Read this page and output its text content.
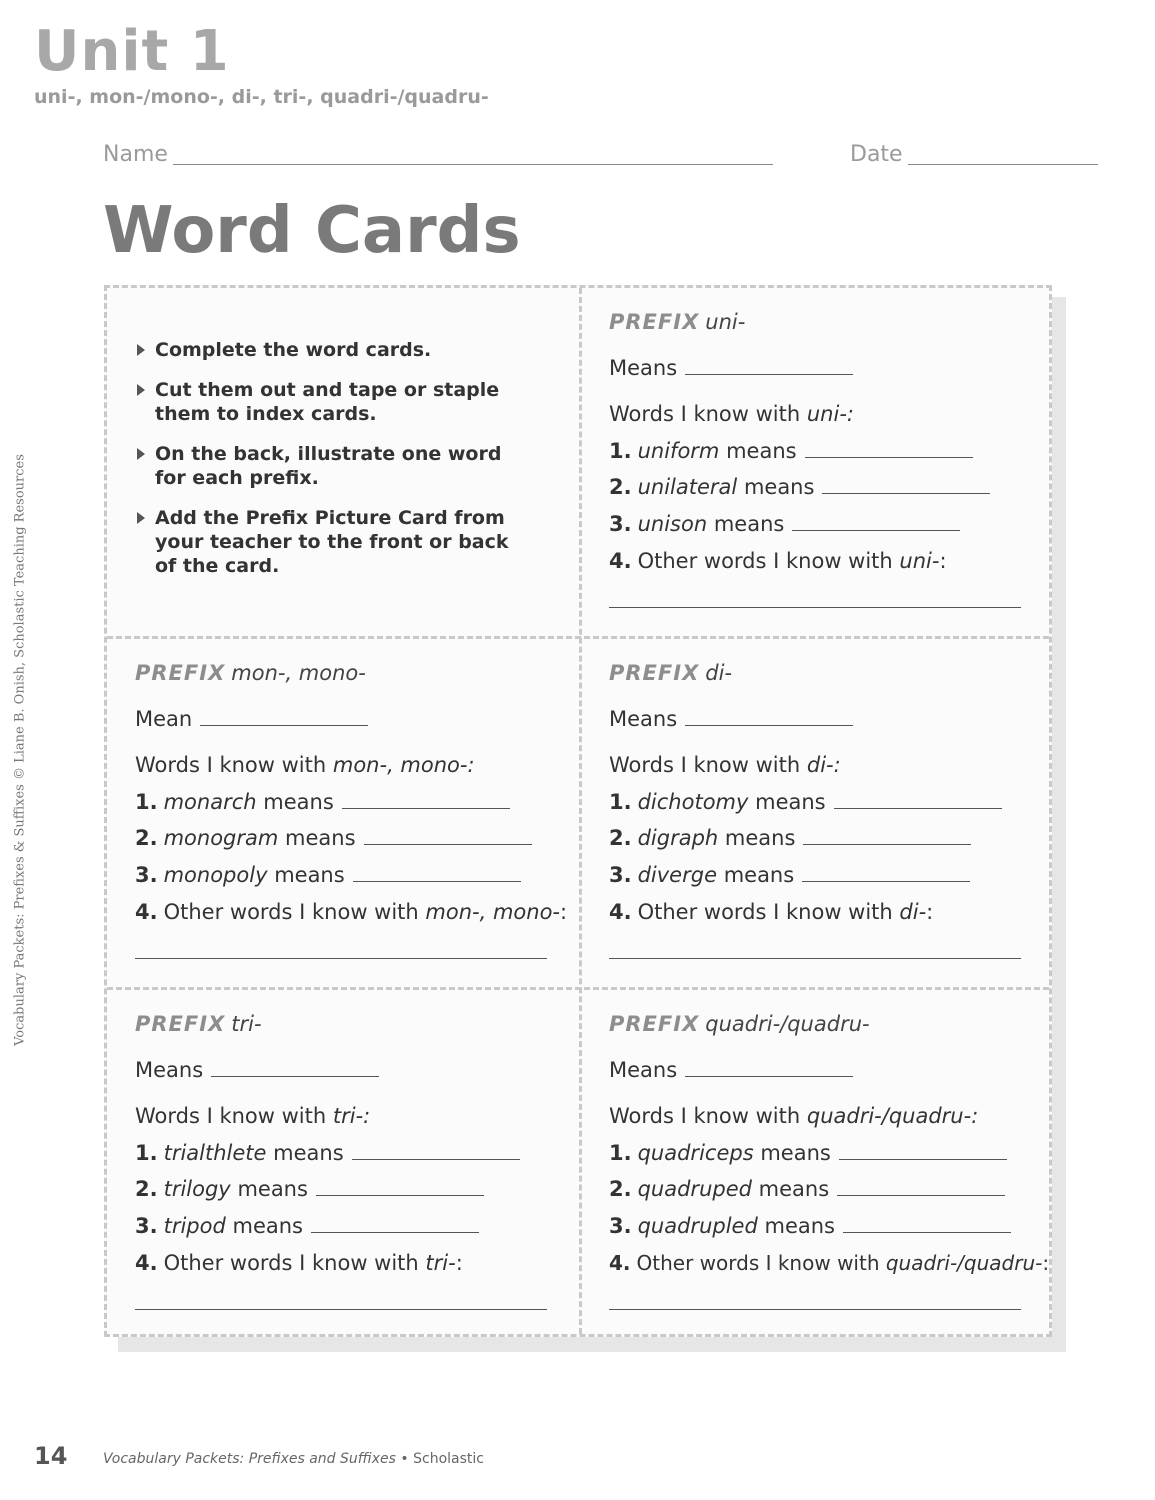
Unit 1
uni-, mon-/mono-, di-, tri-, quadri-/quadru-
Name	Date
Word Cards

Complete the word cards.

Cut them out and tape or staple them to index cards.

On the back, illustrate one word for each prefix.

Add the Prefix Picture Card from your teacher to the front or back of the card.

PREFIX uni-
Means
Words I know with uni-:
1. uniform means
2. unilateral means
3. unison means
4. Other words I know with uni-:
PREFIX mon-, mono-
Mean
Words I know with mon-, mono-:
1. monarch means
2. monogram means
3. monopoly means
4. Other words I know with mon-, mono-:
PREFIX di-
Means
Words I know with di-:
1. dichotomy means
2. digraph means
3. diverge means
4. Other words I know with di-:
PREFIX tri-
Means
Words I know with tri-:
1. trialthlete means
2. trilogy means
3. tripod means
4. Other words I know with tri-:
PREFIX quadri-/quadru-
Means
Words I know with quadri-/quadru-:
1. quadriceps means
2. quadruped means
3. quadrupled means
4. Other words I know with quadri-/quadru-:
Vocabulary Packets: Prefixes & Suffixes © Liane B. Onish, Scholastic Teaching Resources
14	Vocabulary Packets: Prefixes and Suffixes • Scholastic
